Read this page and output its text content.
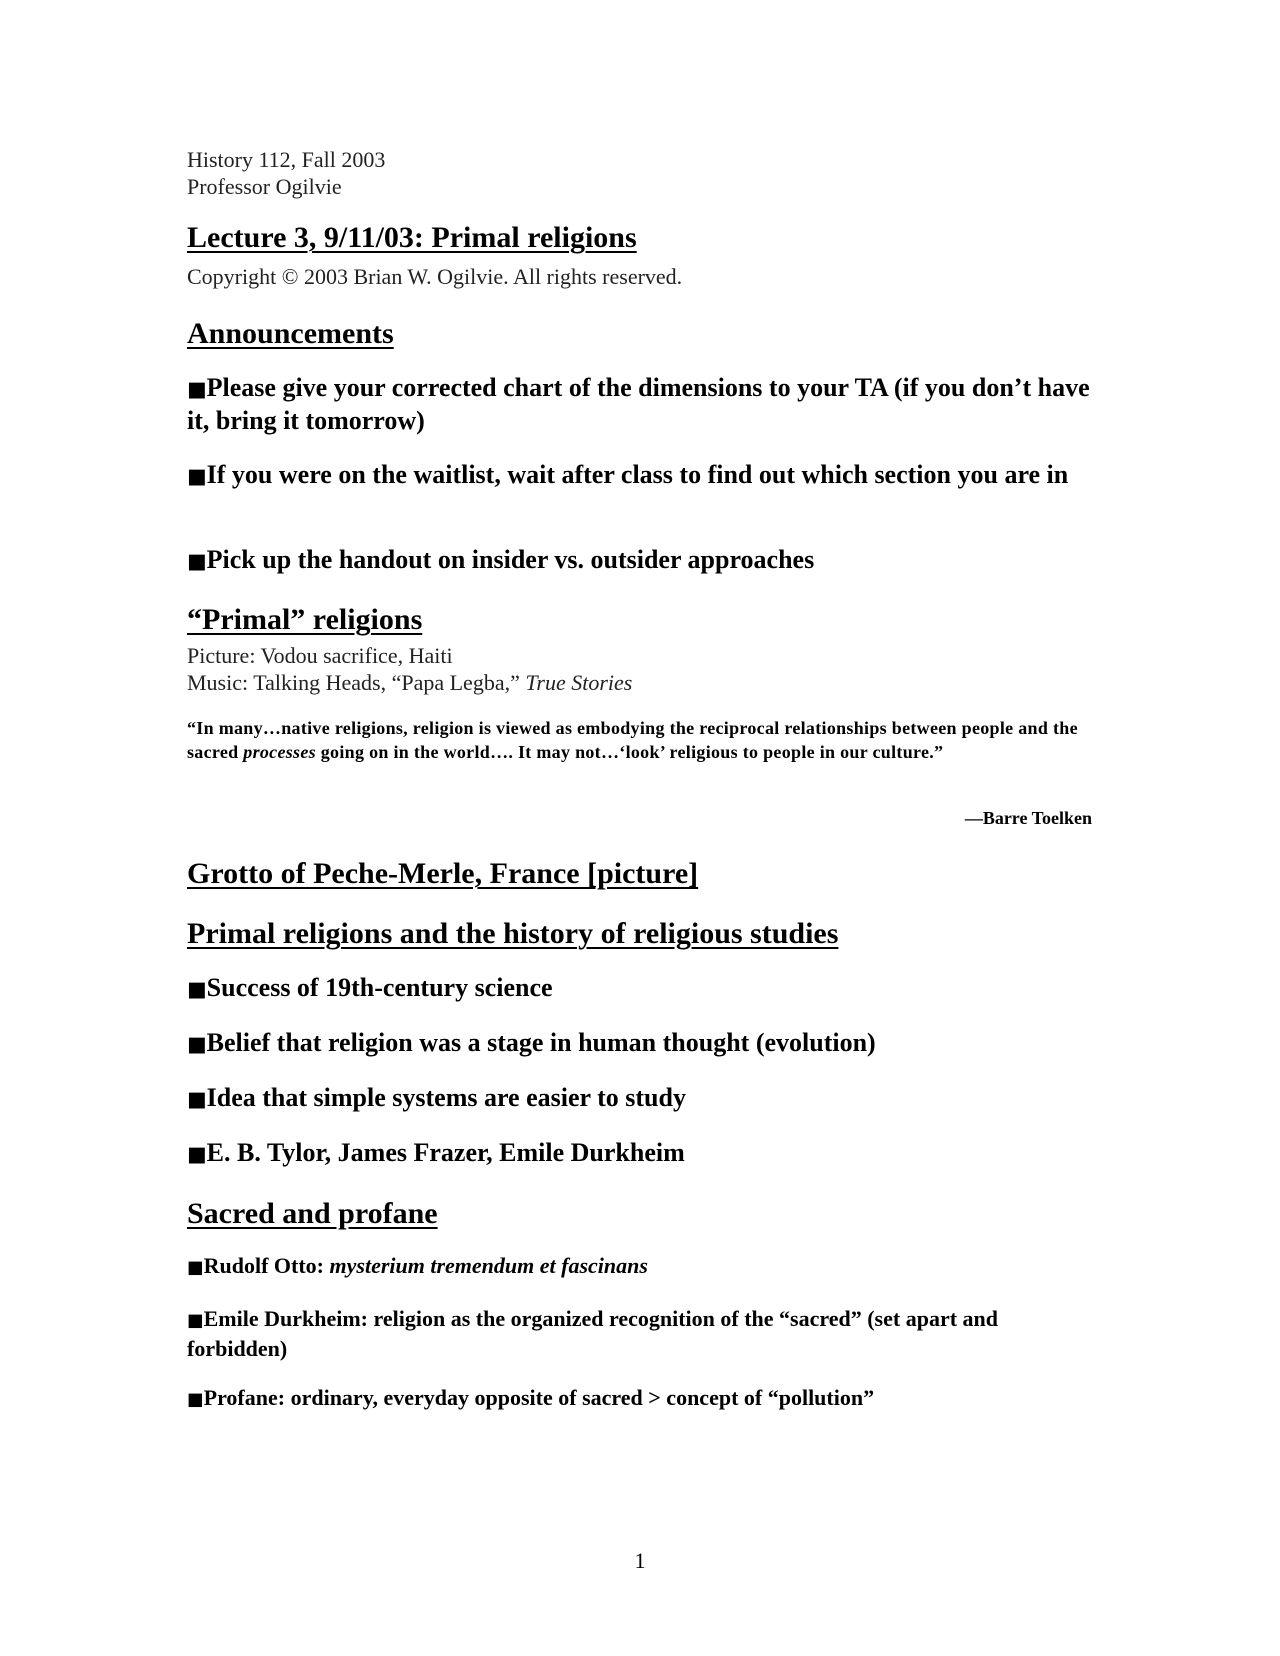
History 112, Fall 2003
Professor Ogilvie
Lecture 3, 9/11/03: Primal religions
Copyright © 2003 Brian W. Ogilvie. All rights reserved.
Announcements

■Please give your corrected chart of the dimensions to your TA (if you don’t have it, bring it tomorrow)

■If you were on the waitlist, wait after class to find out which section you are in

■Pick up the handout on insider vs. outsider approaches

“Primal” religions
Picture: Vodou sacrifice, Haiti
Music: Talking Heads, “Papa Legba,” True Stories

“In many…native religions, religion is viewed as embodying the reciprocal relationships between people and the sacred processes going on in the world…. It may not…‘look’ religious to people in our culture.”

—Barre Toelken

Grotto of Peche-Merle, France [picture]
Primal religions and the history of religious studies

■Success of 19th-century science

■Belief that religion was a stage in human thought (evolution)

■Idea that simple systems are easier to study

■E. B. Tylor, James Frazer, Emile Durkheim

Sacred and profane

■Rudolf Otto: mysterium tremendum et fascinans

■Emile Durkheim: religion as the organized recognition of the “sacred” (set apart and forbidden)

■Profane: ordinary, everyday opposite of sacred > concept of “pollution”

1
